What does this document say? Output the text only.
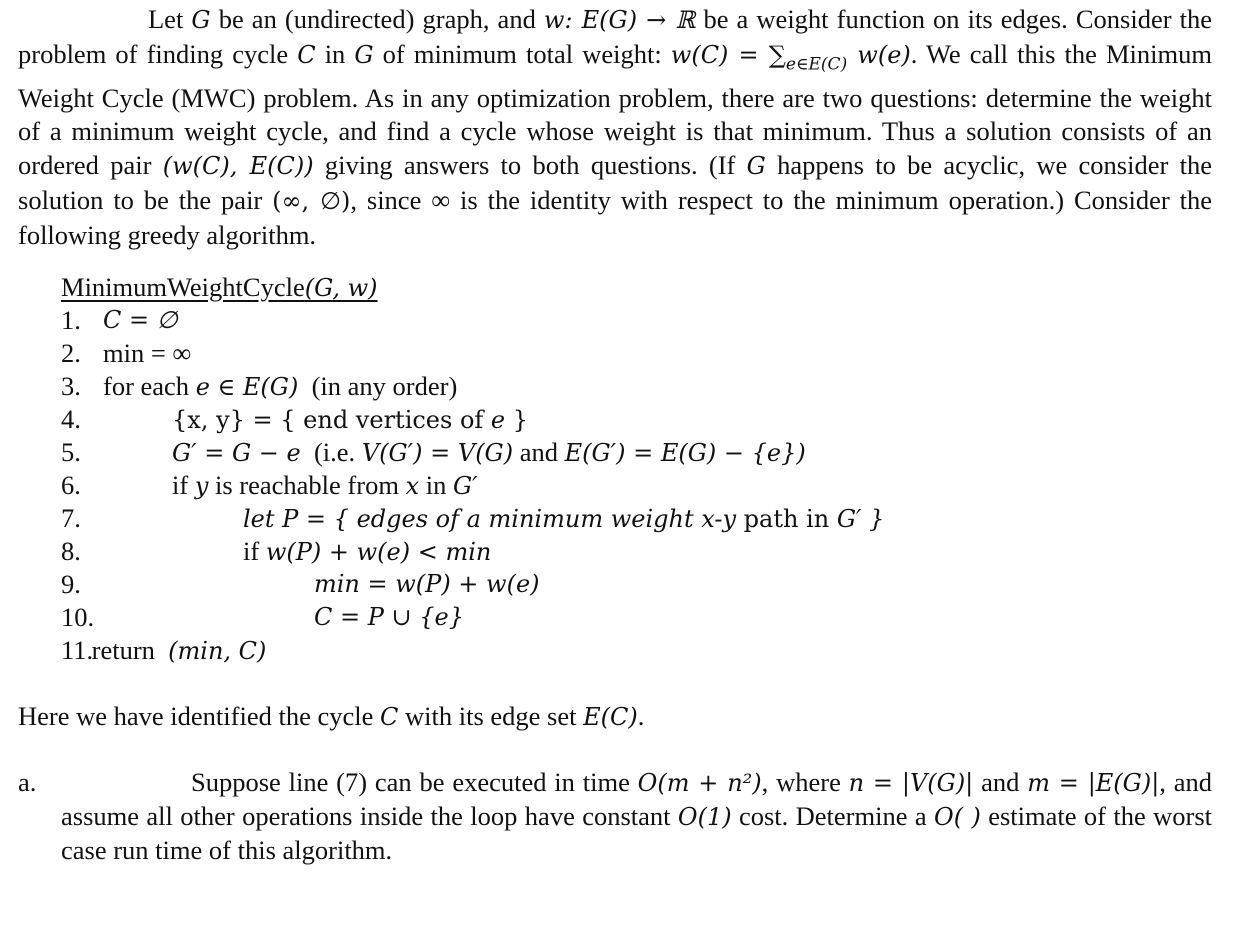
Let G be an (undirected) graph, and w: E(G) → ℝ be a weight function on its edges. Consider the problem of finding cycle C in G of minimum total weight: $w(C) = \sum_{e\in E(C)}$ w(e). We call this the Minimum Weight Cycle (MWC) problem. As in any optimization problem, there are two questions: determine the weight of a minimum weight cycle, and find a cycle whose weight is that minimum. Thus a solution consists of an ordered pair (w(C), E(C)) giving answers to both questions. (If G happens to be acyclic, we consider the solution to be the pair (∞, ∅), since ∞ is the identity with respect to the minimum operation.) Consider the following greedy algorithm.

MinimumWeightCycle(G, w)
1. C = ∅
2. min = ∞
3. for each e ∈ E(G)  (in any order)
4.	{x, y} = { end vertices of e }
5.	G′ = G − e  (i.e. V(G′) = V(G) and E(G′) = E(G) − {e})
6.	if y is reachable from x in G′
7.	let P = { edges of a minimum weight x-y path in G′ }
8.	if w(P) + w(e) < min
9.	min = w(P) + w(e)
10.	C = P ∪ {e}
11.
return  (min, C)

Here we have identified the cycle C with its edge set E(C).

a.	Suppose line (7) can be executed in time O(m + n²), where n = |V(G)| and m = |E(G)|, and assume all other operations inside the loop have constant O(1) cost. Determine a O( ) estimate of the worst case run time of this algorithm.
